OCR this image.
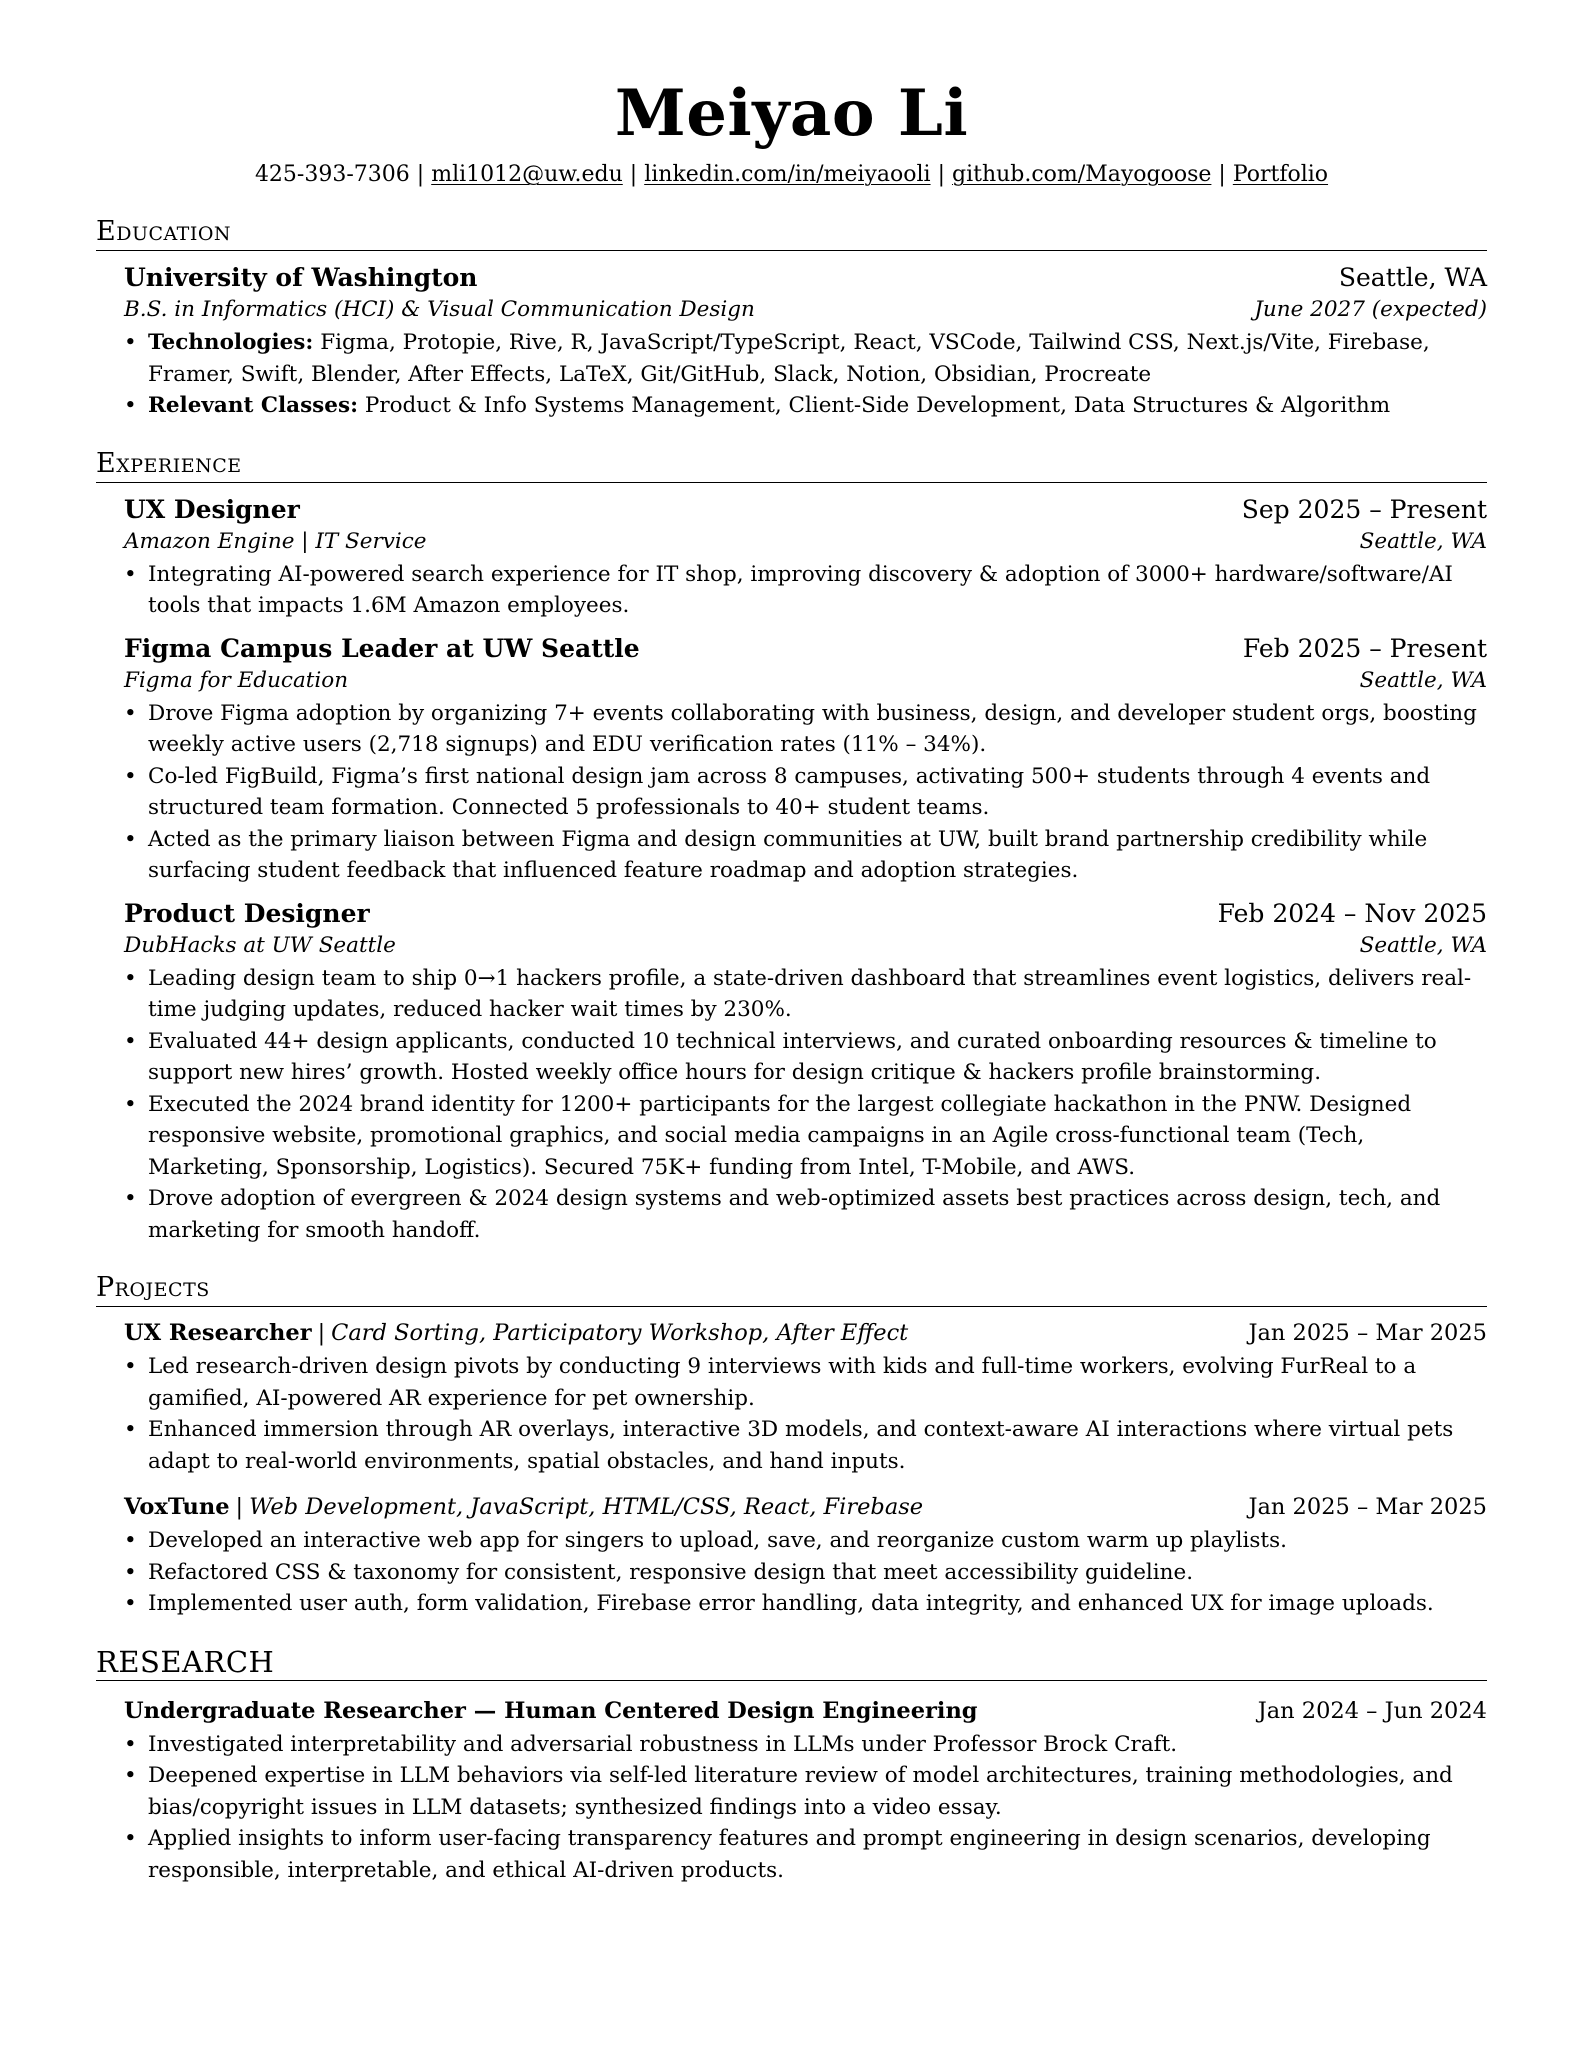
Meiyao Li
425-393-7306 | mli1012@uw.edu | linkedin.com/in/meiyaooli | github.com/Mayogoose | Portfolio
Education
University of Washington	Seattle, WA
B.S. in Informatics (HCI) & Visual Communication Design	June 2027 (expected)
• Technologies: Figma, Protopie, Rive, R, JavaScript/TypeScript, React, VSCode, Tailwind CSS, Next.js/Vite, Firebase, Framer, Swift, Blender, After Effects, LaTeX, Git/GitHub, Slack, Notion, Obsidian, Procreate
• Relevant Classes: Product & Info Systems Management, Client-Side Development, Data Structures & Algorithm
Experience
UX Designer	Sep 2025 – Present
Amazon Engine | IT Service	Seattle, WA
• Integrating AI-powered search experience for IT shop, improving discovery & adoption of 3000+ hardware/software/AI tools that impacts 1.6M Amazon employees.
Figma Campus Leader at UW Seattle	Feb 2025 – Present
Figma for Education	Seattle, WA
• Drove Figma adoption by organizing 7+ events collaborating with business, design, and developer student orgs, boosting weekly active users (2,718 signups) and EDU verification rates (11% – 34%).
• Co-led FigBuild, Figma’s first national design jam across 8 campuses, activating 500+ students through 4 events and structured team formation. Connected 5 professionals to 40+ student teams.
• Acted as the primary liaison between Figma and design communities at UW, built brand partnership credibility while surfacing student feedback that influenced feature roadmap and adoption strategies.
Product Designer	Feb 2024 – Nov 2025
DubHacks at UW Seattle	Seattle, WA
• Leading design team to ship 0→1 hackers profile, a state-driven dashboard that streamlines event logistics, delivers real-time judging updates, reduced hacker wait times by 230%.
• Evaluated 44+ design applicants, conducted 10 technical interviews, and curated onboarding resources & timeline to support new hires’ growth. Hosted weekly office hours for design critique & hackers profile brainstorming.
• Executed the 2024 brand identity for 1200+ participants for the largest collegiate hackathon in the PNW. Designed responsive website, promotional graphics, and social media campaigns in an Agile cross-functional team (Tech, Marketing, Sponsorship, Logistics). Secured 75K+ funding from Intel, T-Mobile, and AWS.
• Drove adoption of evergreen & 2024 design systems and web-optimized assets best practices across design, tech, and marketing for smooth handoff.
Projects
UX Researcher | Card Sorting, Participatory Workshop, After Effect	Jan 2025 – Mar 2025
• Led research-driven design pivots by conducting 9 interviews with kids and full-time workers, evolving FurReal to a gamified, AI-powered AR experience for pet ownership.
• Enhanced immersion through AR overlays, interactive 3D models, and context-aware AI interactions where virtual pets adapt to real-world environments, spatial obstacles, and hand inputs.
VoxTune | Web Development, JavaScript, HTML/CSS, React, Firebase	Jan 2025 – Mar 2025
• Developed an interactive web app for singers to upload, save, and reorganize custom warm up playlists.
• Refactored CSS & taxonomy for consistent, responsive design that meet accessibility guideline.
• Implemented user auth, form validation, Firebase error handling, data integrity, and enhanced UX for image uploads.
RESEARCH
Undergraduate Researcher — Human Centered Design Engineering	Jan 2024 – Jun 2024
• Investigated interpretability and adversarial robustness in LLMs under Professor Brock Craft.
• Deepened expertise in LLM behaviors via self-led literature review of model architectures, training methodologies, and bias/copyright issues in LLM datasets; synthesized findings into a video essay.
• Applied insights to inform user-facing transparency features and prompt engineering in design scenarios, developing responsible, interpretable, and ethical AI-driven products.
